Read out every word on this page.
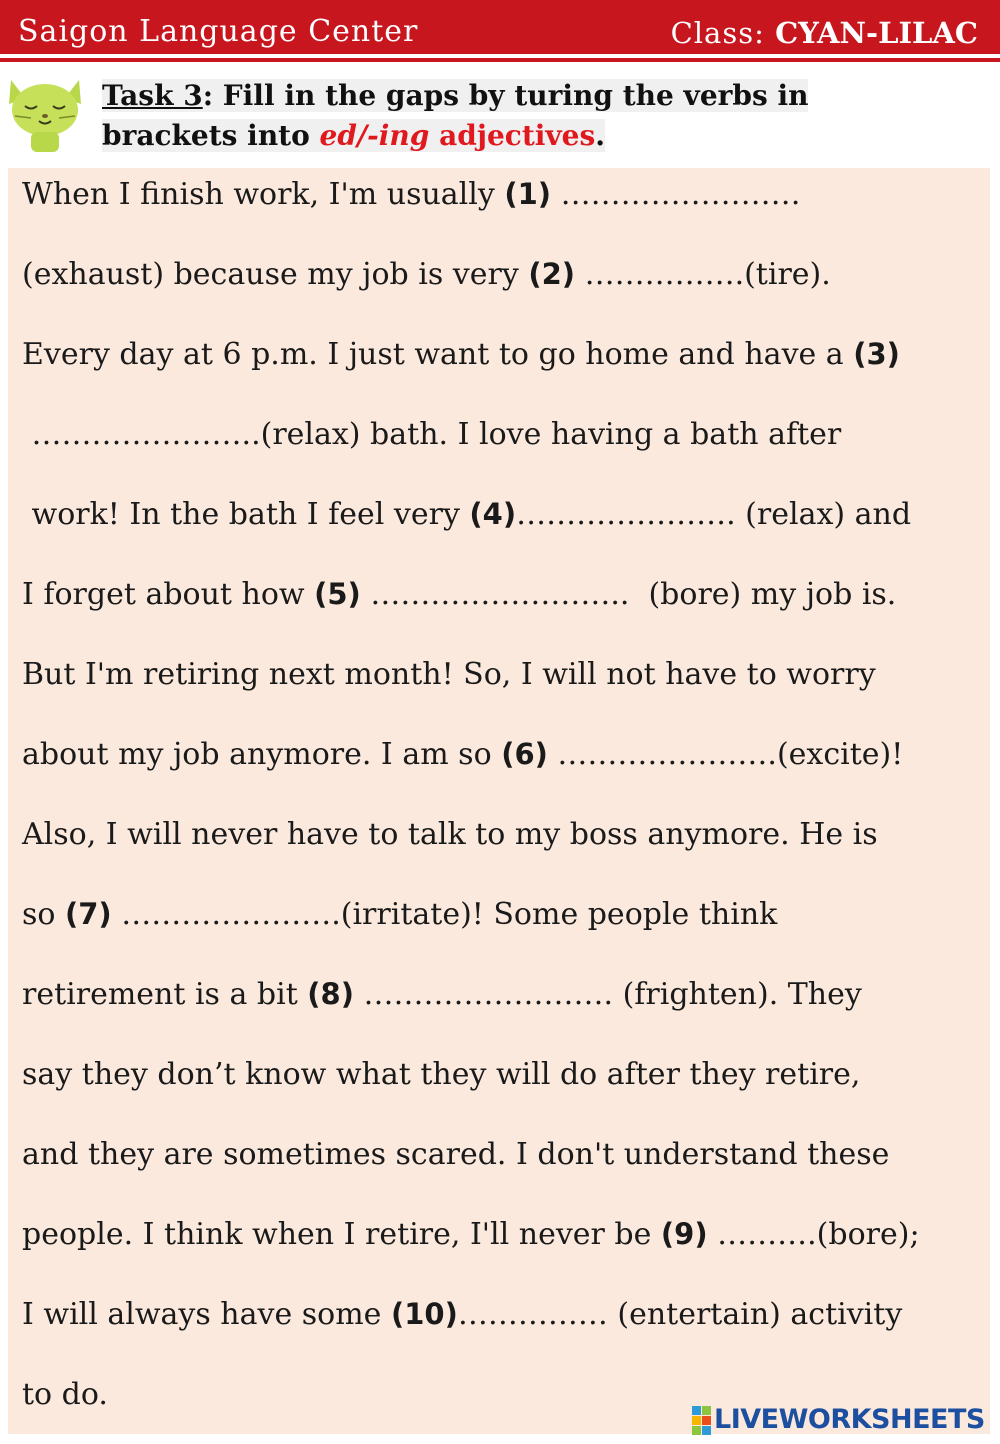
Saigon Language Center	Class: CYAN-LILAC
Task 3: Fill in the gaps by turing the verbs in
brackets into ed/-ing adjectives.
When I finish work, I'm usually (1) ……………………
(exhaust) because my job is very (2) …………….(tire).
Every day at 6 p.m. I just want to go home and have a (3)
…………………..(relax) bath. I love having a bath after
work! In the bath I feel very (4)…………………. (relax) and
I forget about how (5) ……………………..  (bore) my job is.
But I'm retiring next month! So, I will not have to worry
about my job anymore. I am so (6) ………………….(excite)!
Also, I will never have to talk to my boss anymore. He is
so (7) ………………….(irritate)! Some people think
retirement is a bit (8) ……………………. (frighten). They
say they don’t know what they will do after they retire,
and they are sometimes scared. I don't understand these
people. I think when I retire, I'll never be (9) ……….(bore);
I will always have some (10)…………… (entertain) activity
to do.
LIVEWORKSHEETS
